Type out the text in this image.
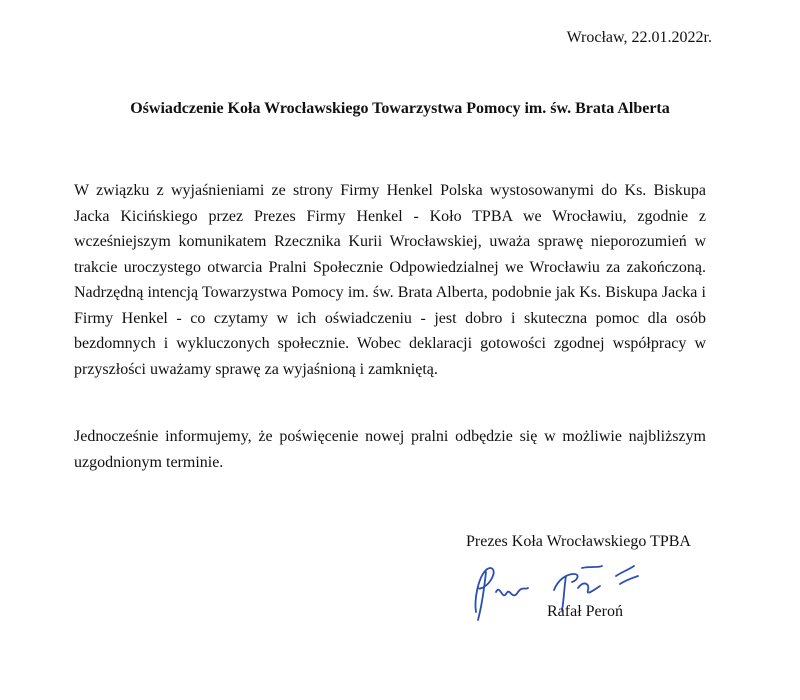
Wrocław, 22.01.2022r.
Oświadczenie Koła Wrocławskiego Towarzystwa Pomocy im. św. Brata Alberta

W związku z wyjaśnieniami ze strony Firmy Henkel Polska wystosowanymi do Ks. Biskupa Jacka Kicińskiego przez Prezes Firmy Henkel - Koło TPBA we Wrocławiu, zgodnie z wcześniejszym komunikatem Rzecznika Kurii Wrocławskiej, uważa sprawę nieporozumień w trakcie uroczystego otwarcia Pralni Społecznie Odpowiedzialnej we Wrocławiu za zakończoną. Nadrzędną intencją Towarzystwa Pomocy im. św. Brata Alberta, podobnie jak Ks. Biskupa Jacka i Firmy Henkel - co czytamy w ich oświadczeniu - jest dobro i skuteczna pomoc dla osób bezdomnych i wykluczonych społecznie. Wobec deklaracji gotowości zgodnej współpracy w przyszłości uważamy sprawę za wyjaśnioną i zamkniętą.

Jednocześnie informujemy, że poświęcenie nowej pralni odbędzie się w możliwie najbliższym uzgodnionym terminie.

Prezes Koła Wrocławskiego TPBA
Rafał Peroń
